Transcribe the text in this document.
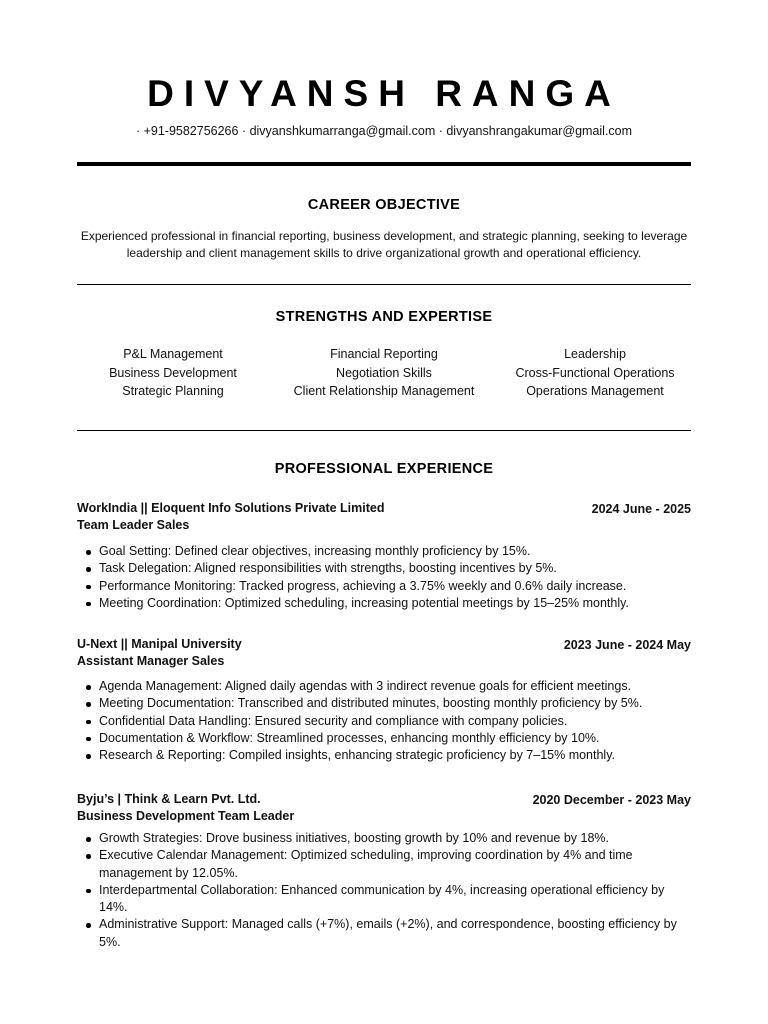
DIVYANSH RANGA
· +91-9582756266 · divyanshkumarranga@gmail.com · divyanshrangakumar@gmail.com
CAREER OBJECTIVE
Experienced professional in financial reporting, business development, and strategic planning, seeking to leverage leadership and client management skills to drive organizational growth and operational efficiency.
STRENGTHS AND EXPERTISE
P&L Management	Financial Reporting	Leadership
Business Development	Negotiation Skills	Cross-Functional Operations
Strategic Planning	Client Relationship Management	Operations Management
PROFESSIONAL EXPERIENCE
WorkIndia || Eloquent Info Solutions Private Limited
Team Leader Sales
2024 June - 2025
Goal Setting: Defined clear objectives, increasing monthly proficiency by 15%.
Task Delegation: Aligned responsibilities with strengths, boosting incentives by 5%.
Performance Monitoring: Tracked progress, achieving a 3.75% weekly and 0.6% daily increase.
Meeting Coordination: Optimized scheduling, increasing potential meetings by 15–25% monthly.
U-Next || Manipal University
Assistant Manager Sales
2023 June - 2024 May
Agenda Management: Aligned daily agendas with 3 indirect revenue goals for efficient meetings.
Meeting Documentation: Transcribed and distributed minutes, boosting monthly proficiency by 5%.
Confidential Data Handling: Ensured security and compliance with company policies.
Documentation & Workflow: Streamlined processes, enhancing monthly efficiency by 10%.
Research & Reporting: Compiled insights, enhancing strategic proficiency by 7–15% monthly.
Byju’s | Think & Learn Pvt. Ltd.
Business Development Team Leader
2020 December - 2023 May
Growth Strategies: Drove business initiatives, boosting growth by 10% and revenue by 18%.
Executive Calendar Management: Optimized scheduling, improving coordination by 4% and time management by 12.05%.
Interdepartmental Collaboration: Enhanced communication by 4%, increasing operational efficiency by 14%.
Administrative Support: Managed calls (+7%), emails (+2%), and correspondence, boosting efficiency by 5%.
